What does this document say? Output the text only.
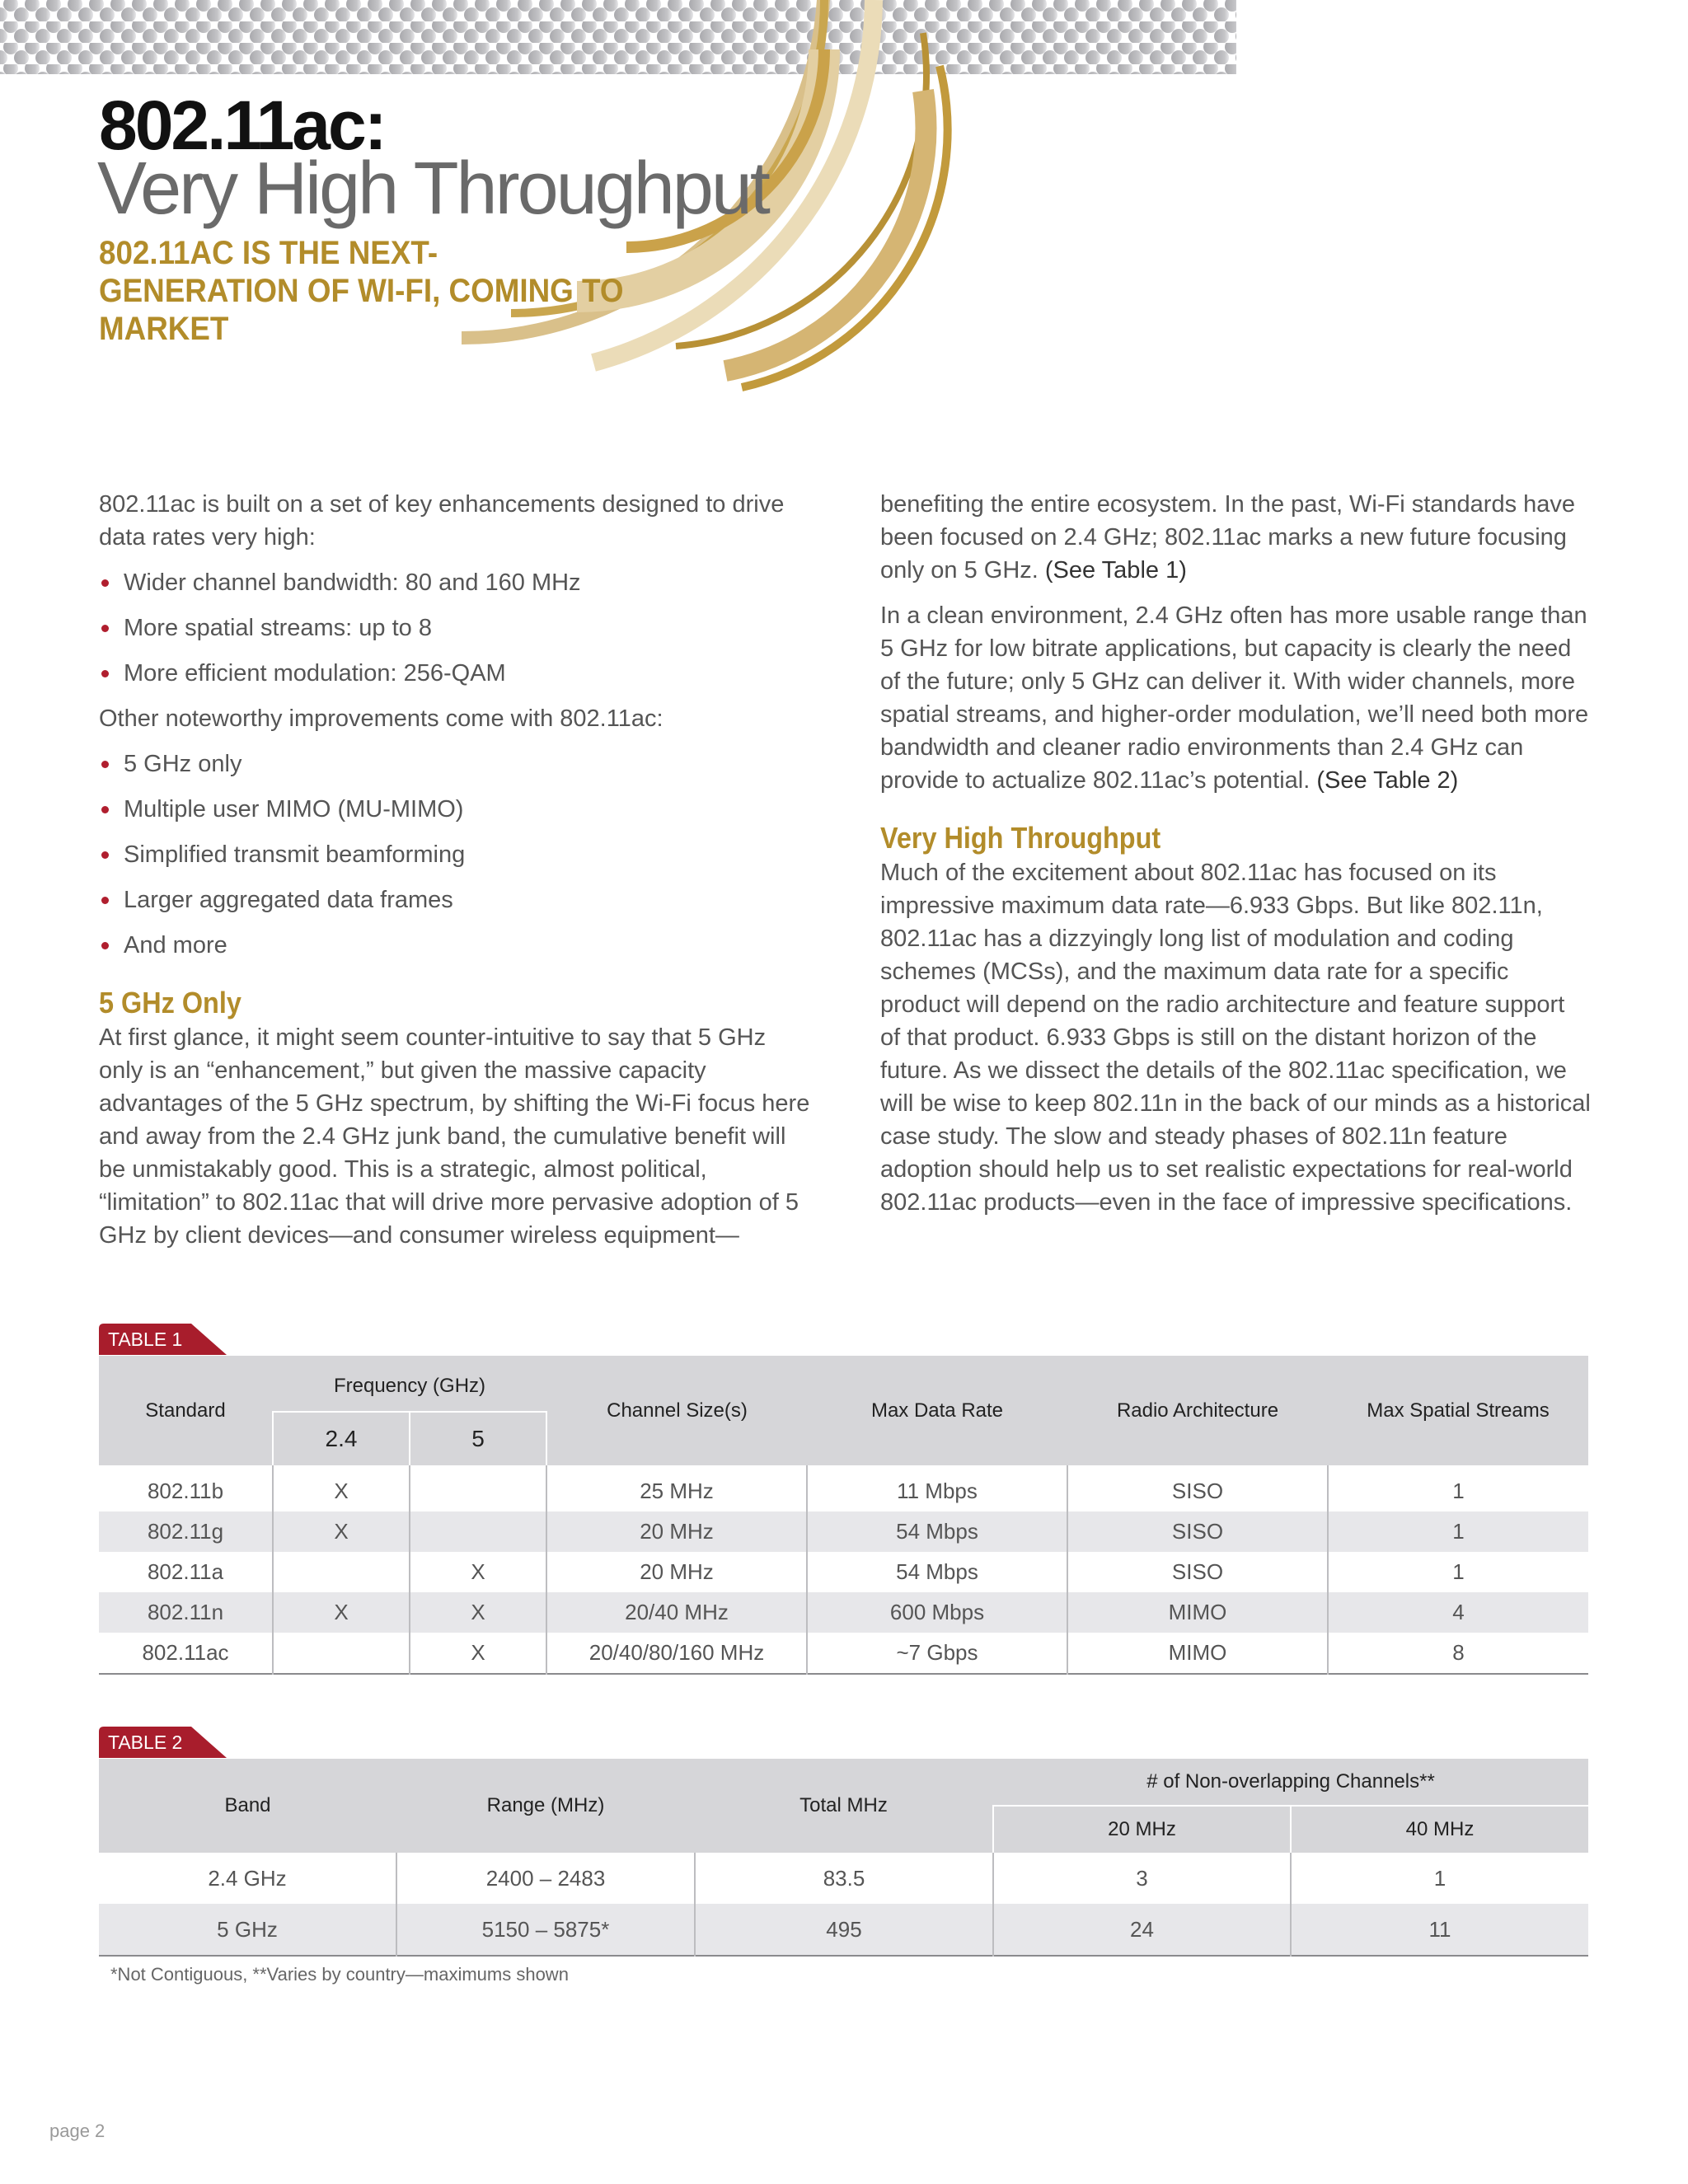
802.11ac:
Very High Throughput
802.11AC IS THE NEXT-GENERATION OF WI-FI, COMING TO MARKET

802.11ac is built on a set of key enhancements designed to drive data rates very high:

Wider channel bandwidth: 80 and 160 MHz
More spatial streams: up to 8
More efficient modulation: 256-QAM

Other noteworthy improvements come with 802.11ac:

5 GHz only
Multiple user MIMO (MU-MIMO)
Simplified transmit beamforming
Larger aggregated data frames
And more
5 GHz Only

At first glance, it might seem counter-intuitive to say that 5 GHz only is an “enhancement,” but given the massive capacity advantages of the 5 GHz spectrum, by shifting the Wi-Fi focus here and away from the 2.4 GHz junk band, the cumulative benefit will be unmistakably good. This is a strategic, almost political, “limitation” to 802.11ac that will drive more pervasive adoption of 5 GHz by client devices—and consumer wireless equipment—

benefiting the entire ecosystem. In the past, Wi-Fi standards have been focused on 2.4 GHz; 802.11ac marks a new future focusing only on 5 GHz. (See Table 1)

In a clean environment, 2.4 GHz often has more usable range than 5 GHz for low bitrate applications, but capacity is clearly the need of the future; only 5 GHz can deliver it. With wider channels, more spatial streams, and higher-order modulation, we’ll need both more bandwidth and cleaner radio environments than 2.4 GHz can provide to actualize 802.11ac’s potential. (See Table 2)

Very High Throughput

Much of the excitement about 802.11ac has focused on its impressive maximum data rate—6.933 Gbps. But like 802.11n, 802.11ac has a dizzyingly long list of modulation and coding schemes (MCSs), and the maximum data rate for a specific product will depend on the radio architecture and feature support of that product. 6.933 Gbps is still on the distant horizon of the future. As we dissect the details of the 802.11ac specification, we will be wise to keep 802.11n in the back of our minds as a historical case study. The slow and steady phases of 802.11n feature adoption should help us to set realistic expectations for real-world 802.11ac products—even in the face of impressive specifications.

TABLE 1
Standard	Frequency (GHz)		Channel Size(s)	Max Data Rate	Radio Architecture	Max Spatial Streams
	2.4	5				
802.11b	X		25 MHz	11 Mbps	SISO	1
802.11g	X		20 MHz	54 Mbps	SISO	1
802.11a		X	20 MHz	54 Mbps	SISO	1
802.11n	X	X	20/40 MHz	600 Mbps	MIMO	4
802.11ac		X	20/40/80/160 MHz	~7 Gbps	MIMO	8
TABLE 2
Band	Range (MHz)	Total MHz	# of Non-overlapping Channels**	
			20 MHz	40 MHz
2.4 GHz	2400 – 2483	83.5	3	1
5 GHz	5150 – 5875*	495	24	11
*Not Contiguous, **Varies by country—maximums shown
page 2
